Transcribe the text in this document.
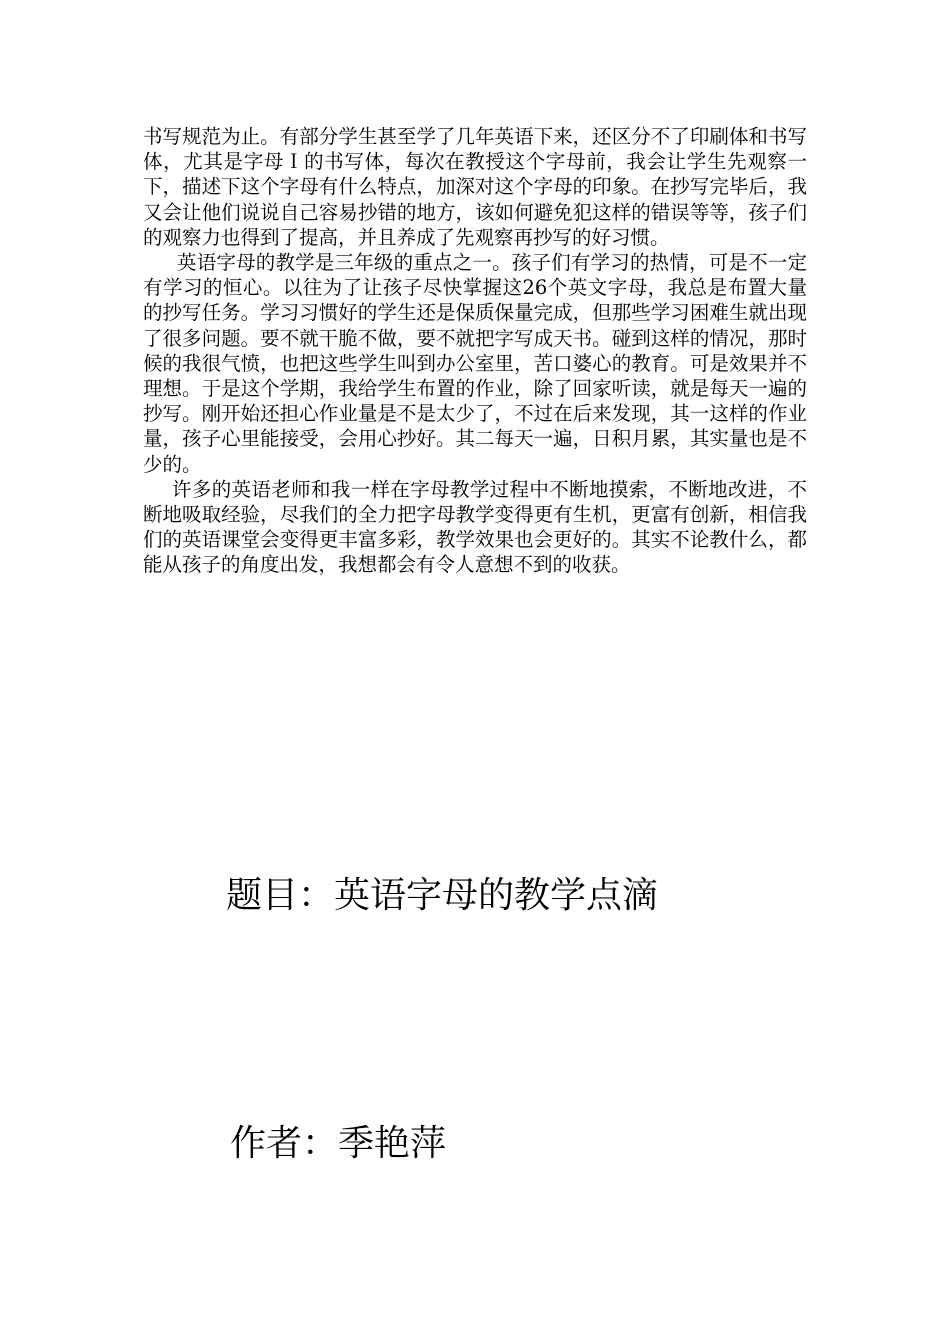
书写规范为止。有部分学生甚至学了几年英语下来，还区分不了印刷体和书写体，尤其是字母Ｉ的书写体，每次在教授这个字母前，我会让学生先观察一下，描述下这个字母有什么特点，加深对这个字母的印象。在抄写完毕后，我又会让他们说说自己容易抄错的地方，该如何避免犯这样的错误等等，孩子们的观察力也得到了提高，并且养成了先观察再抄写的好习惯。

英语字母的教学是三年级的重点之一。孩子们有学习的热情，可是不一定有学习的恒心。以往为了让孩子尽快掌握这26个英文字母，我总是布置大量的抄写任务。学习习惯好的学生还是保质保量完成，但那些学习困难生就出现了很多问题。要不就干脆不做，要不就把字写成天书。碰到这样的情况，那时候的我很气愤，也把这些学生叫到办公室里，苦口婆心的教育。可是效果并不理想。于是这个学期，我给学生布置的作业，除了回家听读，就是每天一遍的抄写。刚开始还担心作业量是不是太少了，不过在后来发现，其一这样的作业量，孩子心里能接受，会用心抄好。其二每天一遍，日积月累，其实量也是不少的。

许多的英语老师和我一样在字母教学过程中不断地摸索，不断地改进，不断地吸取经验，尽我们的全力把字母教学变得更有生机，更富有创新，相信我们的英语课堂会变得更丰富多彩，教学效果也会更好的。其实不论教什么，都能从孩子的角度出发，我想都会有令人意想不到的收获。

题目：英语字母的教学点滴
作者：季艳萍
